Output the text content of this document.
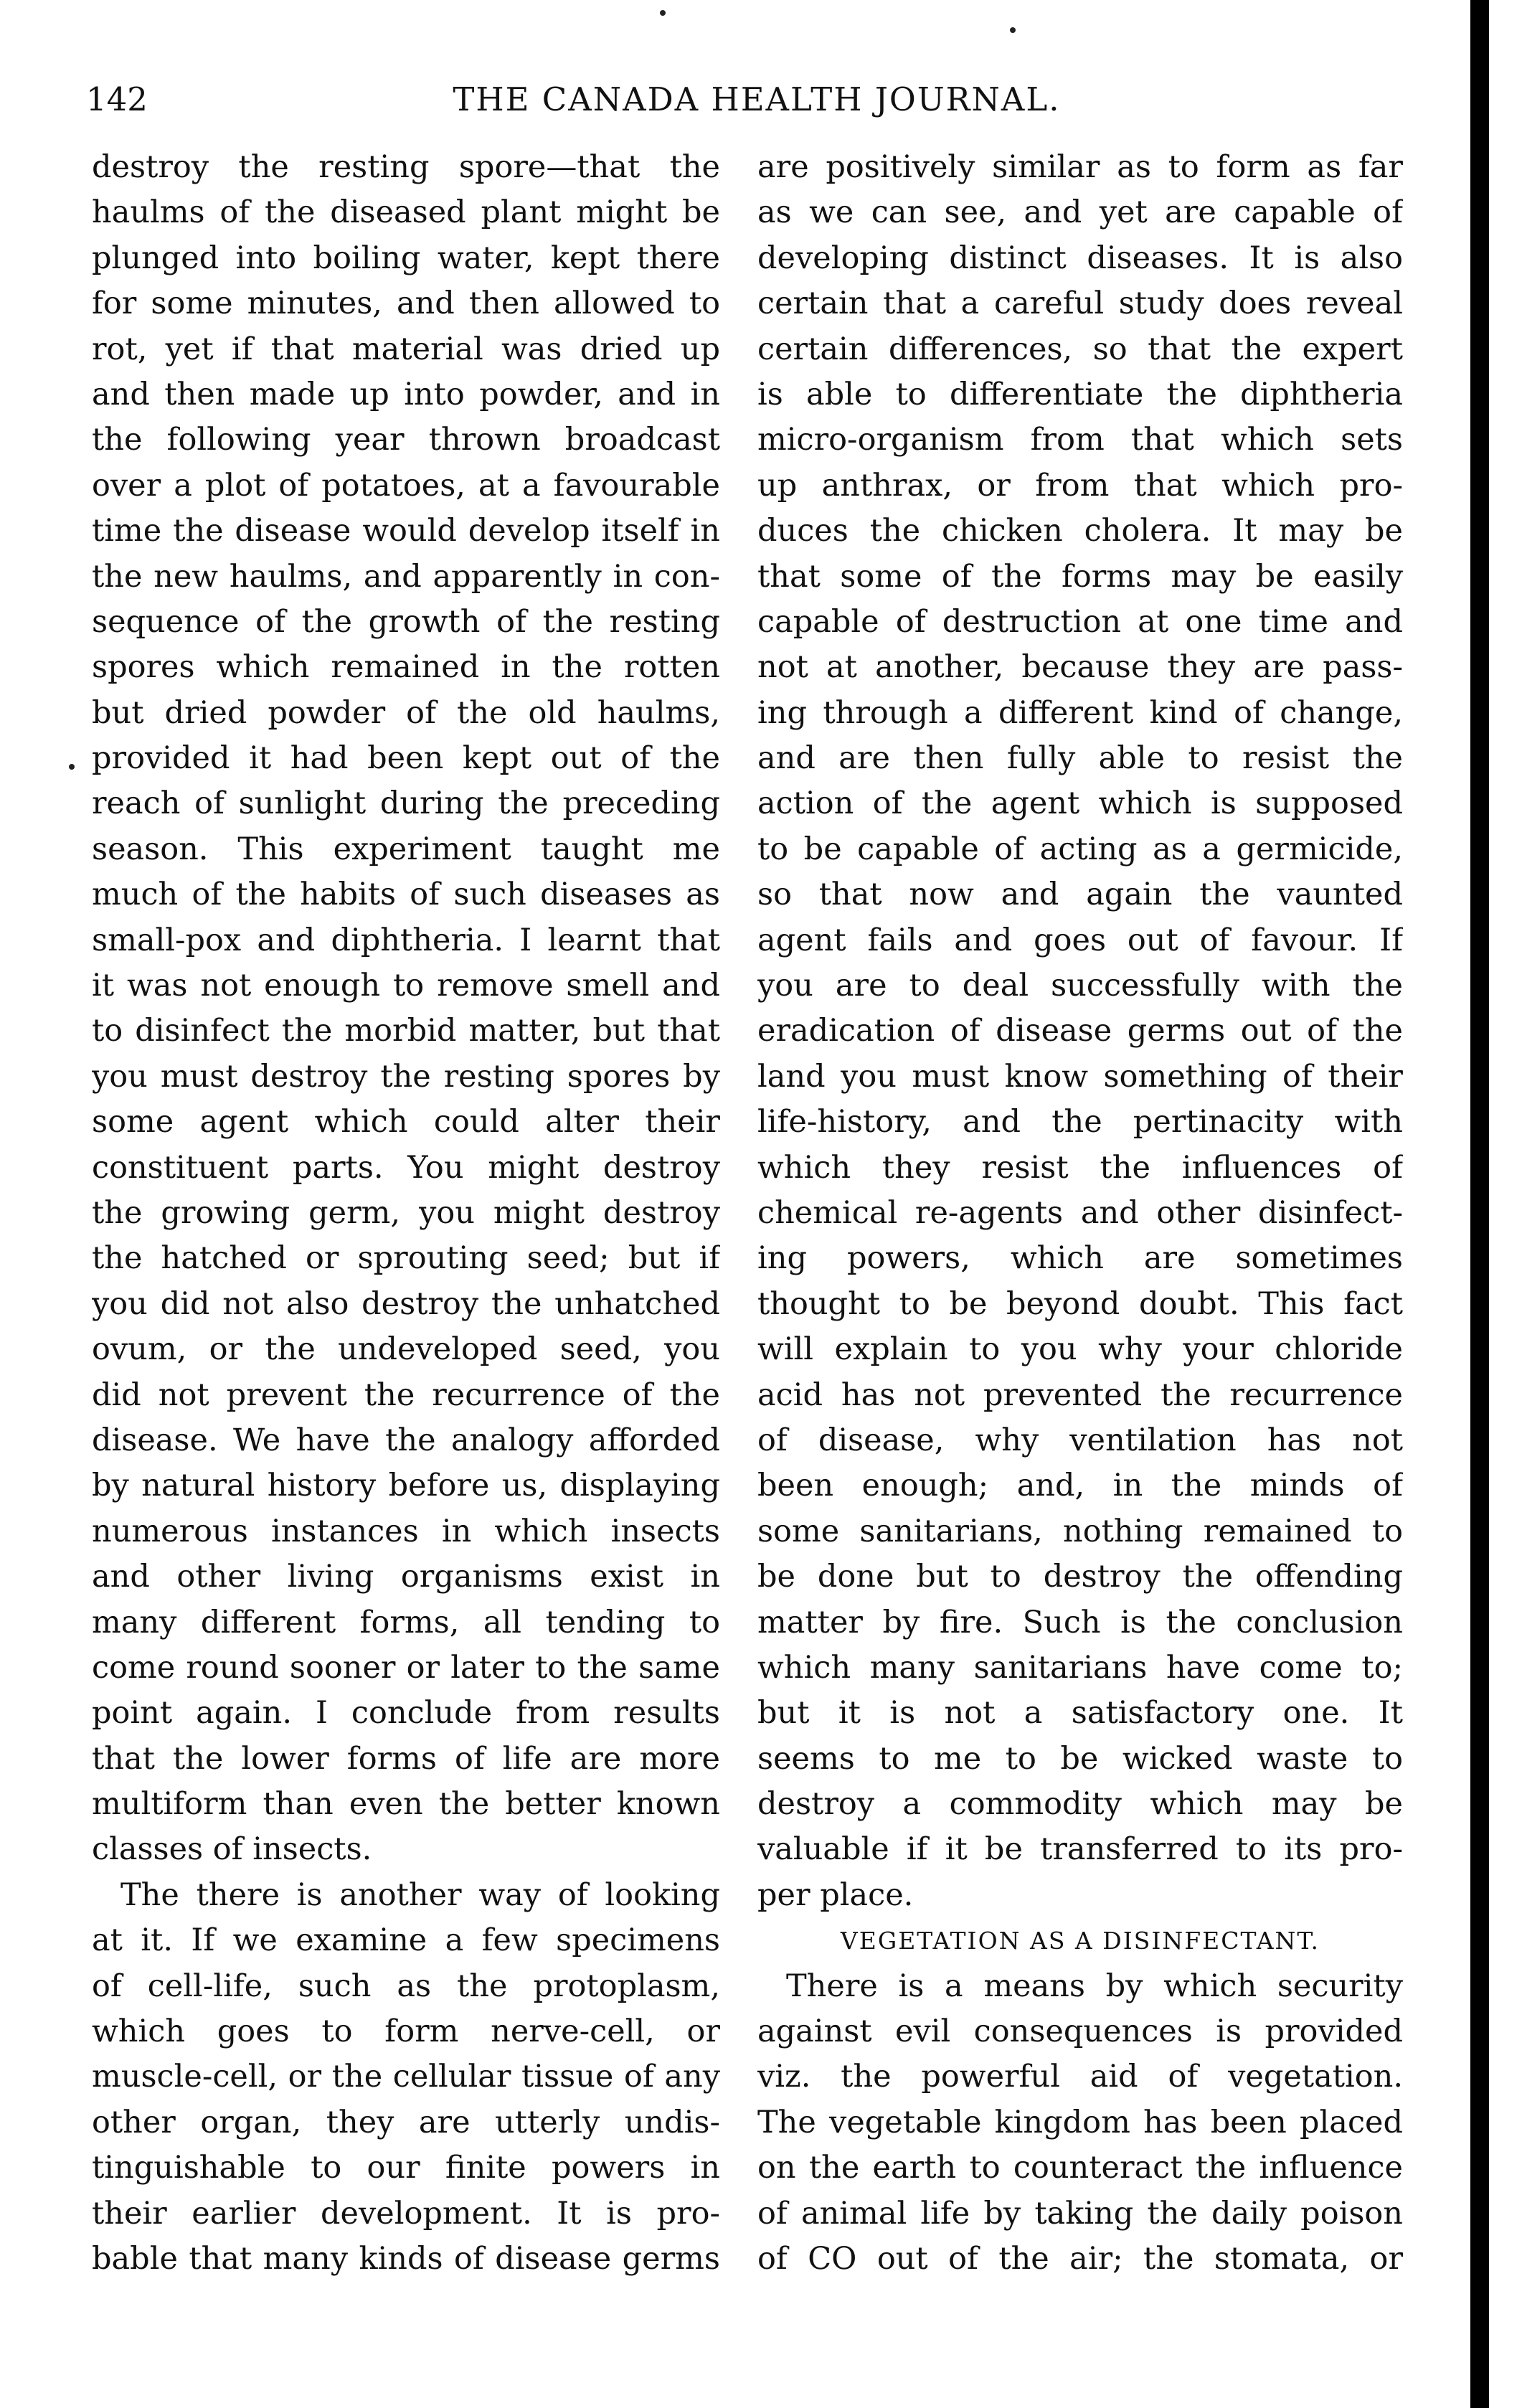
142	THE CANADA HEALTH JOURNAL.
destroy the resting spore—that the
haulms of the diseased plant might be
plunged into boiling water, kept there
for some minutes, and then allowed to
rot, yet if that material was dried up
and then made up into powder, and in
the following year thrown broadcast
over a plot of potatoes, at a favourable
time the disease would develop itself in
the new haulms, and apparently in con-
sequence of the growth of the resting
spores which remained in the rotten
but dried powder of the old haulms,
provided it had been kept out of the
reach of sunlight during the preceding
season. This experiment taught me
much of the habits of such diseases as
small-pox and diphtheria. I learnt that
it was not enough to remove smell and
to disinfect the morbid matter, but that
you must destroy the resting spores by
some agent which could alter their
constituent parts. You might destroy
the growing germ, you might destroy
the hatched or sprouting seed; but if
you did not also destroy the unhatched
ovum, or the undeveloped seed, you
did not prevent the recurrence of the
disease. We have the analogy afforded
by natural history before us, displaying
numerous instances in which insects
and other living organisms exist in
many different forms, all tending to
come round sooner or later to the same
point again. I conclude from results
that the lower forms of life are more
multiform than even the better known
classes of insects.
The there is another way of looking
at it. If we examine a few specimens
of cell-life, such as the protoplasm,
which goes to form nerve-cell, or
muscle-cell, or the cellular tissue of any
other organ, they are utterly undis-
tinguishable to our finite powers in
their earlier development. It is pro-
bable that many kinds of disease germs
are positively similar as to form as far
as we can see, and yet are capable of
developing distinct diseases. It is also
certain that a careful study does reveal
certain differences, so that the expert
is able to differentiate the diphtheria
micro-organism from that which sets
up anthrax, or from that which pro-
duces the chicken cholera. It may be
that some of the forms may be easily
capable of destruction at one time and
not at another, because they are pass-
ing through a different kind of change,
and are then fully able to resist the
action of the agent which is supposed
to be capable of acting as a germicide,
so that now and again the vaunted
agent fails and goes out of favour. If
you are to deal successfully with the
eradication of disease germs out of the
land you must know something of their
life-history, and the pertinacity with
which they resist the influences of
chemical re-agents and other disinfect-
ing powers, which are sometimes
thought to be beyond doubt. This fact
will explain to you why your chloride
acid has not prevented the recurrence
of disease, why ventilation has not
been enough; and, in the minds of
some sanitarians, nothing remained to
be done but to destroy the offending
matter by fire. Such is the conclusion
which many sanitarians have come to;
but it is not a satisfactory one. It
seems to me to be wicked waste to
destroy a commodity which may be
valuable if it be transferred to its pro-
per place.
VEGETATION AS A DISINFECTANT.
There is a means by which security
against evil consequences is provided
viz. the powerful aid of vegetation.
The vegetable kingdom has been placed
on the earth to counteract the influence
of animal life by taking the daily poison
of CO out of the air; the stomata, or
